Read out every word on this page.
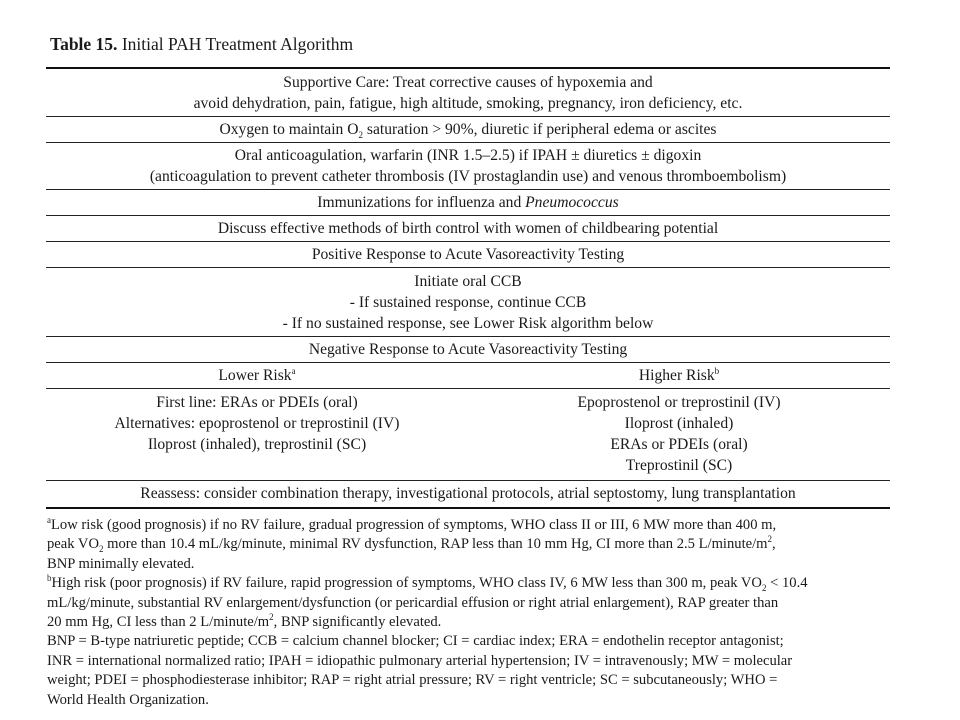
Table 15. Initial PAH Treatment Algorithm
Supportive Care: Treat corrective causes of hypoxemia and
avoid dehydration, pain, fatigue, high altitude, smoking, pregnancy, iron deficiency, etc.
Oxygen to maintain $O_2$ saturation > 90%, diuretic if peripheral edema or ascites
Oral anticoagulation, warfarin (INR 1.5–2.5) if IPAH ± diuretics ± digoxin
(anticoagulation to prevent catheter thrombosis (IV prostaglandin use) and venous thromboembolism)
Immunizations for influenza and Pneumococcus
Discuss effective methods of birth control with women of childbearing potential
Positive Response to Acute Vasoreactivity Testing
Initiate oral CCB
- If sustained response, continue CCB
- If no sustained response, see Lower Risk algorithm below
Negative Response to Acute Vasoreactivity Testing
Lower Risk$^a$	Higher Risk$^b$
First line: ERAs or PDEIs (oral)
Alternatives: epoprostenol or treprostinil (IV)
Iloprost (inhaled), treprostinil (SC)
Epoprostenol or treprostinil (IV)
Iloprost (inhaled)
ERAs or PDEIs (oral)
Treprostinil (SC)
Reassess: consider combination therapy, investigational protocols, atrial septostomy, lung transplantation

$^a$Low risk (good prognosis) if no RV failure, gradual progression of symptoms, WHO class II or III, 6 MW more than 400 m,
peak $VO_2$ more than 10.4 mL/kg/minute, minimal RV dysfunction, RAP less than 10 mm Hg, CI more than 2.5 $L/minute/m^2$,
BNP minimally elevated.

$^b$High risk (poor prognosis) if RV failure, rapid progression of symptoms, WHO class IV, 6 MW less than 300 m, peak $VO_2 < 10.4$
mL/kg/minute, substantial RV enlargement/dysfunction (or pericardial effusion or right atrial enlargement), RAP greater than
20 mm Hg, CI less than 2 $L/minute/m^2$, BNP significantly elevated.

BNP = B-type natriuretic peptide; CCB = calcium channel blocker; CI = cardiac index; ERA = endothelin receptor antagonist;
INR = international normalized ratio; IPAH = idiopathic pulmonary arterial hypertension; IV = intravenously; MW = molecular
weight; PDEI = phosphodiesterase inhibitor; RAP = right atrial pressure; RV = right ventricle; SC = subcutaneously; WHO =
World Health Organization.
